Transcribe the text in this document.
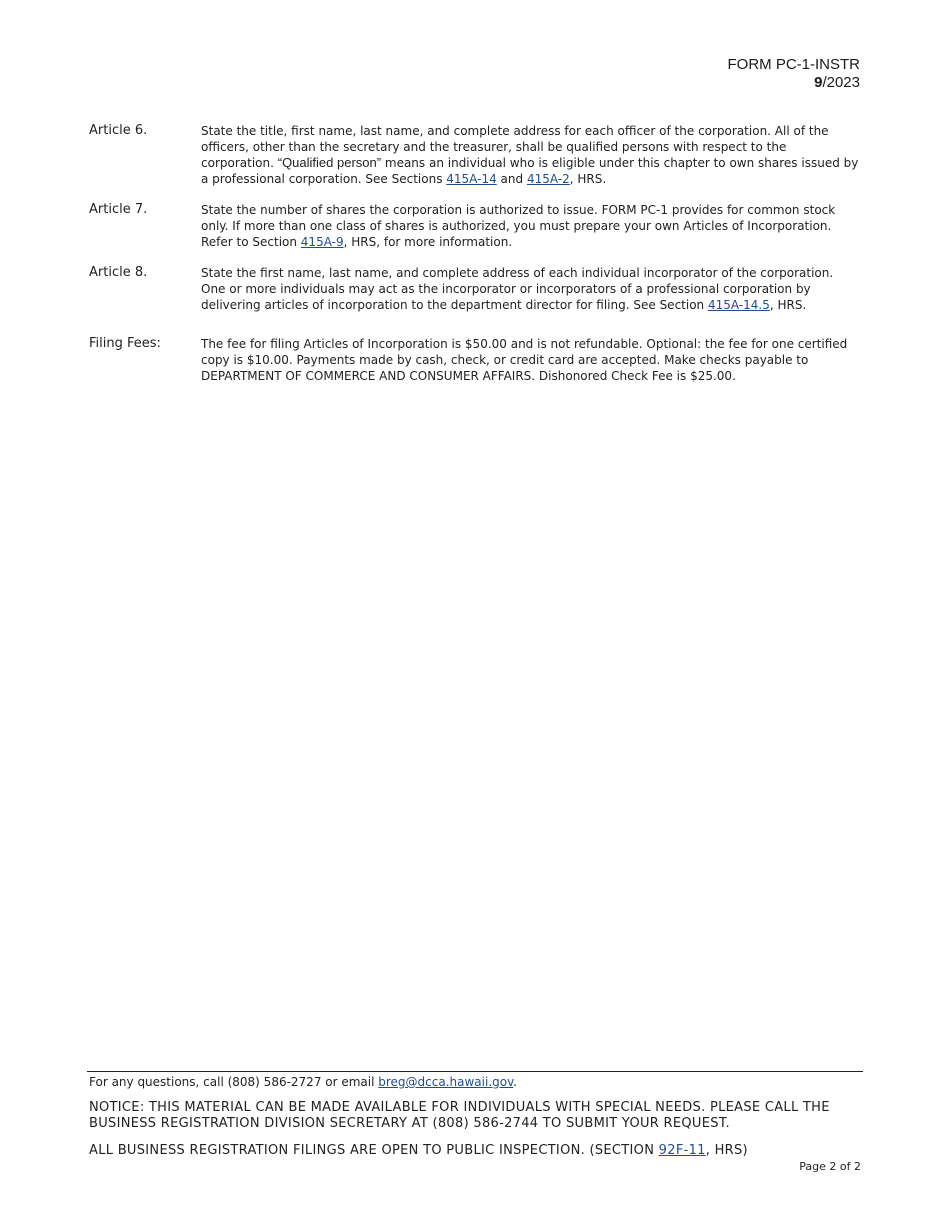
FORM PC-1-INSTR
9/2023
Article 6.	State the title, first name, last name, and complete address for each officer of the corporation. All of the officers, other than the secretary and the treasurer, shall be qualified persons with respect to the corporation. “Qualified person” means an individual who is eligible under this chapter to own shares issued by a professional corporation. See Sections 415A-14 and 415A-2, HRS.
Article 7.	State the number of shares the corporation is authorized to issue. FORM PC-1 provides for common stock only. If more than one class of shares is authorized, you must prepare your own Articles of Incorporation. Refer to Section 415A-9, HRS, for more information.
Article 8.	State the first name, last name, and complete address of each individual incorporator of the corporation. One or more individuals may act as the incorporator or incorporators of a professional corporation by delivering articles of incorporation to the department director for filing. See Section 415A-14.5, HRS.
Filing Fees:	The fee for filing Articles of Incorporation is $50.00 and is not refundable. Optional: the fee for one certified copy is $10.00. Payments made by cash, check, or credit card are accepted. Make checks payable to DEPARTMENT OF COMMERCE AND CONSUMER AFFAIRS. Dishonored Check Fee is $25.00.
For any questions, call (808) 586-2727 or email breg@dcca.hawaii.gov.
NOTICE: THIS MATERIAL CAN BE MADE AVAILABLE FOR INDIVIDUALS WITH SPECIAL NEEDS. PLEASE CALL THE BUSINESS REGISTRATION DIVISION SECRETARY AT (808) 586-2744 TO SUBMIT YOUR REQUEST.
ALL BUSINESS REGISTRATION FILINGS ARE OPEN TO PUBLIC INSPECTION. (SECTION 92F-11, HRS)
Page 2 of 2
